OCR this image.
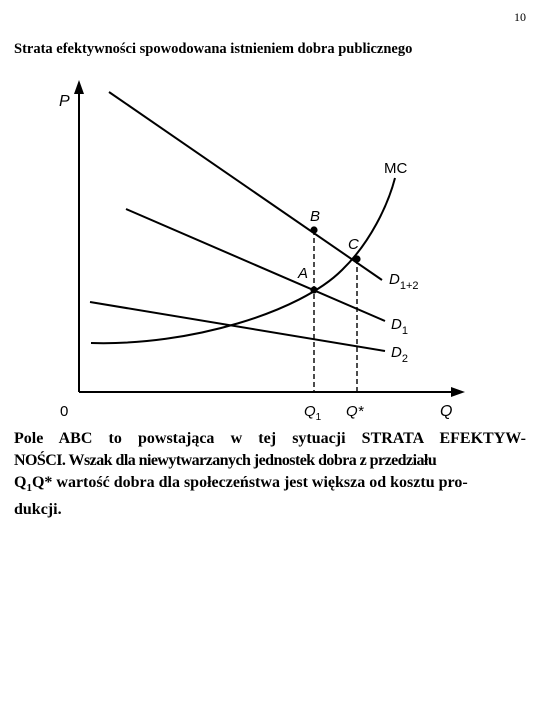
10
Strata efektywności spowodowana istnieniem dobra publicznego
P
Q
0
A
B
C
MC
$D_{1+2}$
$D_1$
$D_2$
$Q_1$ Q*
Pole ABC to powstająca w tej sytuacji STRATA EFEKTYW-
NOŚCI. Wszak dla niewytwarzanych jednostek dobra z przedziału
$Q_1Q*$ wartość dobra dla społeczeństwa jest większa od kosztu pro-
dukcji.
